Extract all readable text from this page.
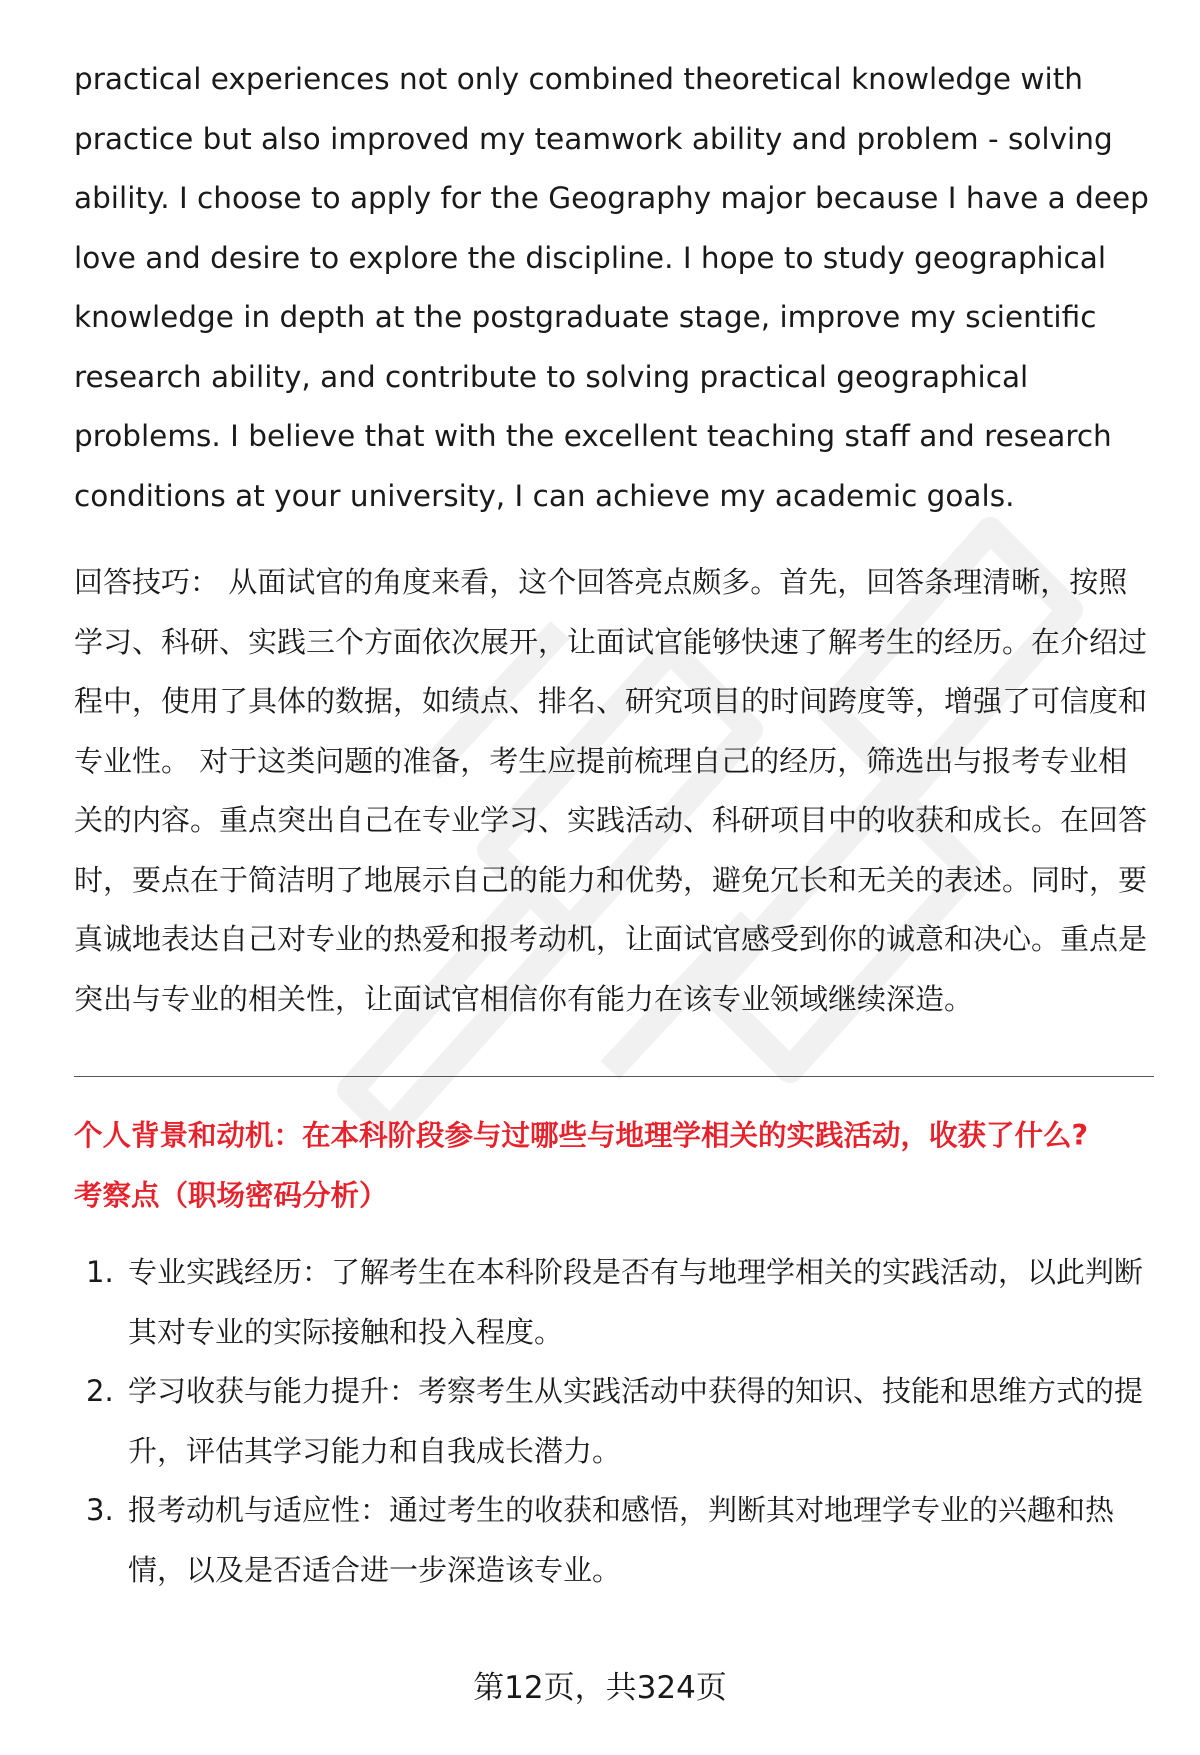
practical experiences not only combined theoretical knowledge with practice but also improved my teamwork ability and problem - solving ability. I choose to apply for the Geography major because I have a deep love and desire to explore the discipline. I hope to study geographical knowledge in depth at the postgraduate stage, improve my scientific research ability, and contribute to solving practical geographical problems. I believe that with the excellent teaching staff and research conditions at your university, I can achieve my academic goals.

回答技巧： 从面试官的角度来看，这个回答亮点颇多。首先，回答条理清晰，按照学习、科研、实践三个方面依次展开，让面试官能够快速了解考生的经历。在介绍过程中，使用了具体的数据，如绩点、排名、研究项目的时间跨度等，增强了可信度和专业性。 对于这类问题的准备，考生应提前梳理自己的经历，筛选出与报考专业相关的内容。重点突出自己在专业学习、实践活动、科研项目中的收获和成长。在回答时，要点在于简洁明了地展示自己的能力和优势，避免冗长和无关的表述。同时，要真诚地表达自己对专业的热爱和报考动机，让面试官感受到你的诚意和决心。重点是突出与专业的相关性，让面试官相信你有能力在该专业领域继续深造。

个人背景和动机：在本科阶段参与过哪些与地理学相关的实践活动，收获了什么?

考察点（职场密码分析）

1. 专业实践经历：了解考生在本科阶段是否有与地理学相关的实践活动，以此判断其对专业的实际接触和投入程度。
2. 学习收获与能力提升：考察考生从实践活动中获得的知识、技能和思维方式的提升，评估其学习能力和自我成长潜力。
3. 报考动机与适应性：通过考生的收获和感悟，判断其对地理学专业的兴趣和热情，以及是否适合进一步深造该专业。
第12页，共324页
